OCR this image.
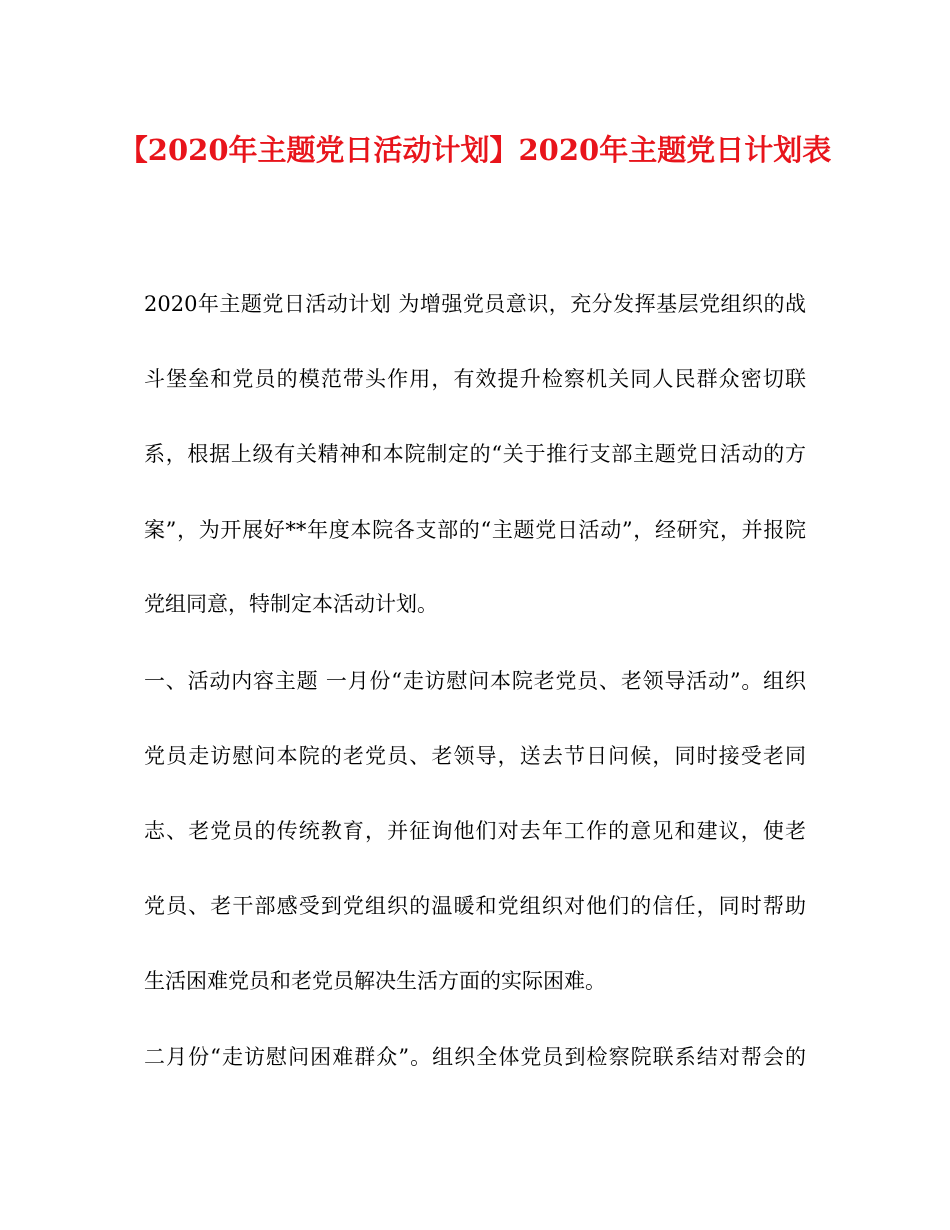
【2020年主题党日活动计划】2020年主题党日计划表
2020年主题党日活动计划 为增强党员意识，充分发挥基层党组织的战
斗堡垒和党员的模范带头作用，有效提升检察机关同人民群众密切联
系，根据上级有关精神和本院制定的“关于推行支部主题党日活动的方
案”，为开展好**年度本院各支部的“主题党日活动”，经研究，并报院
党组同意，特制定本活动计划。
一、活动内容主题 一月份“走访慰问本院老党员、老领导活动”。组织
党员走访慰问本院的老党员、老领导，送去节日问候，同时接受老同
志、老党员的传统教育，并征询他们对去年工作的意见和建议，使老
党员、老干部感受到党组织的温暖和党组织对他们的信任，同时帮助
生活困难党员和老党员解决生活方面的实际困难。
二月份“走访慰问困难群众”。组织全体党员到检察院联系结对帮会的
